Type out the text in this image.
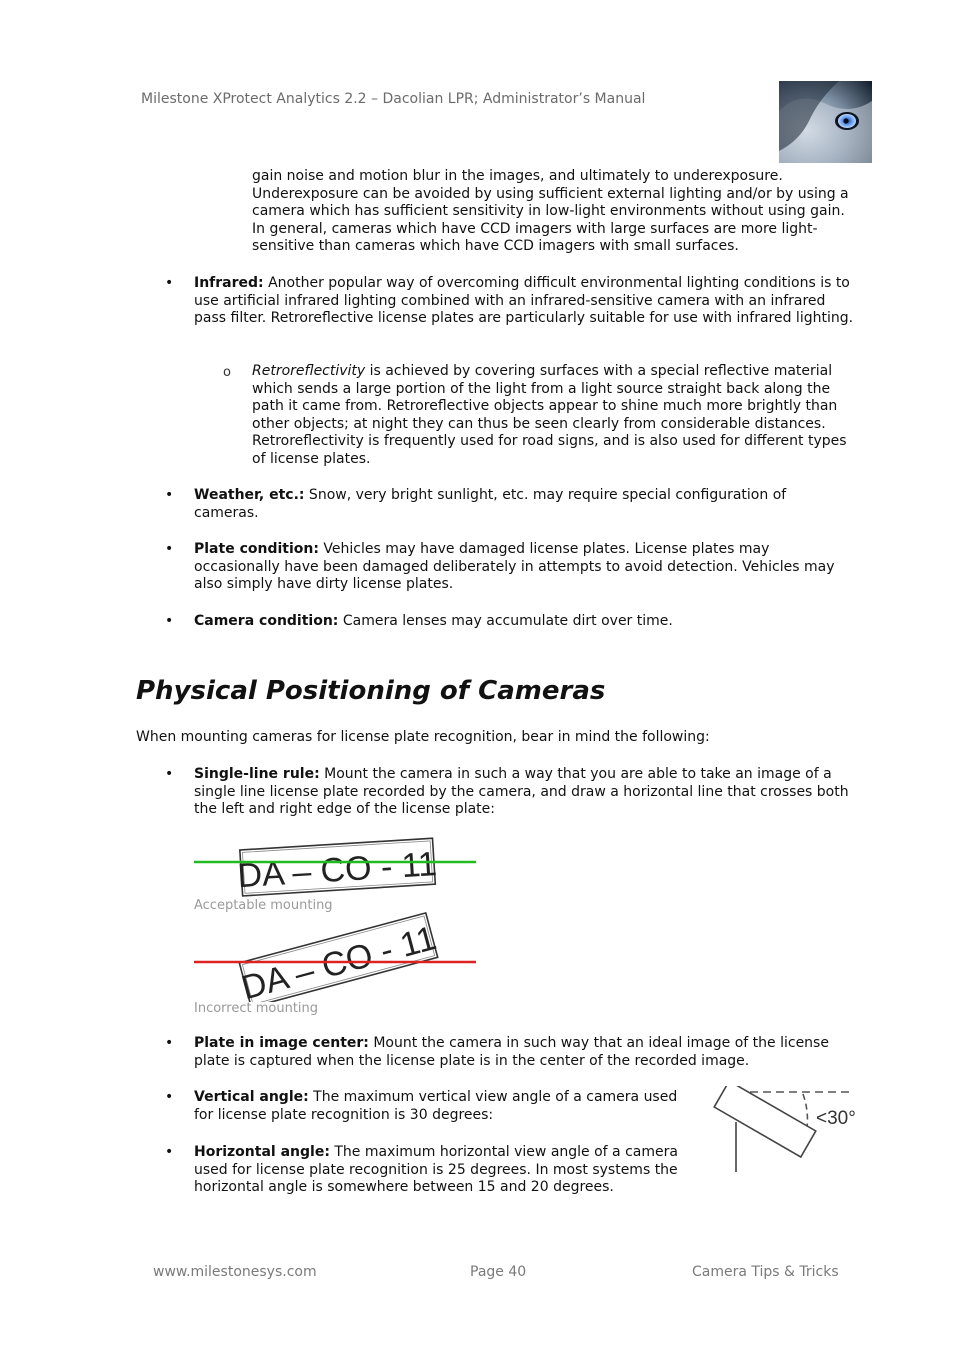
Milestone XProtect Analytics 2.2 – Dacolian LPR; Administrator’s Manual
gain noise and motion blur in the images, and ultimately to underexposure. Underexposure can be avoided by using sufficient external lighting and/or by using a camera which has sufficient sensitivity in low-light environments without using gain. In general, cameras which have CCD imagers with large surfaces are more light-sensitive than cameras which have CCD imagers with small surfaces.
• Infrared: Another popular way of overcoming difficult environmental lighting conditions is to use artificial infrared lighting combined with an infrared-sensitive camera with an infrared pass filter. Retroreflective license plates are particularly suitable for use with infrared lighting.
o Retroreflectivity is achieved by covering surfaces with a special reflective material which sends a large portion of the light from a light source straight back along the path it came from. Retroreflective objects appear to shine much more brightly than other objects; at night they can thus be seen clearly from considerable distances. Retroreflectivity is frequently used for road signs, and is also used for different types of license plates.
• Weather, etc.: Snow, very bright sunlight, etc. may require special configuration of cameras.
• Plate condition: Vehicles may have damaged license plates. License plates may occasionally have been damaged deliberately in attempts to avoid detection. Vehicles may also simply have dirty license plates.
• Camera condition: Camera lenses may accumulate dirt over time.
Physical Positioning of Cameras
When mounting cameras for license plate recognition, bear in mind the following:
• Single-line rule: Mount the camera in such a way that you are able to take an image of a single line license plate recorded by the camera, and draw a horizontal line that crosses both the left and right edge of the license plate:
DA – CO - 11
Acceptable mounting
DA – CO - 11
Incorrect mounting
• Plate in image center: Mount the camera in such way that an ideal image of the license plate is captured when the license plate is in the center of the recorded image.
• Vertical angle: The maximum vertical view angle of a camera used for license plate recognition is 30 degrees:
• Horizontal angle: The maximum horizontal view angle of a camera used for license plate recognition is 25 degrees. In most systems the horizontal angle is somewhere between 15 and 20 degrees.
<30°
www.milestonesys.com	Page 40	Camera Tips & Tricks
